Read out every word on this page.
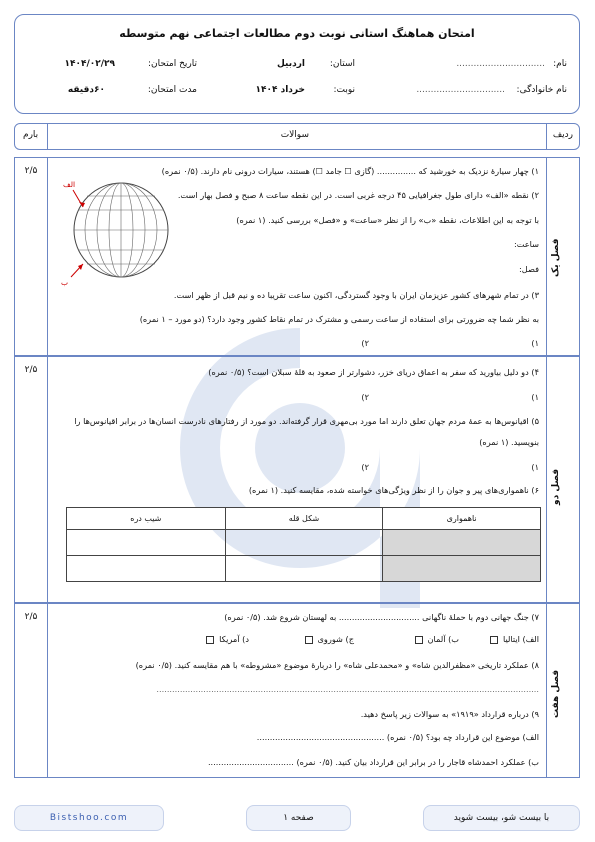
امتحان هماهنگ استانی نوبت دوم مطالعات اجتماعی نهم متوسطه
نام:
...............................
استان:
اردبیل
تاریخ امتحان:
۱۴۰۴/۰۲/۲۹
نام خانوادگی:
...............................
نوبت:
خرداد ۱۴۰۴
مدت امتحان:
۶۰دقیقه
ردیف
سوالات
بارم
فصل یک
۲/۵	۱) چهار سیارهٔ نزدیک به خورشید که ............... (گازی ☐ جامد ☐) هستند، سیارات درونی نام دارند. (۰/۵ نمره)
۲) نقطه «الف» دارای طول جغرافیایی ۴۵ درجه غربی است. در این نقطه ساعت ۸ صبح و فصل بهار است.
با توجه به این اطلاعات، نقطه «ب» را از نظر «ساعت» و «فصل» بررسی کنید. (۱ نمره)
ساعت:
فصل:
۳) در تمام شهرهای کشور عزیزمان ایران با وجود گستردگی، اکنون ساعت تقریبا ده و نیم قبل از ظهر است.
به نظر شما چه ضرورتی برای استفاده از ساعت رسمی و مشترک در تمام نقاط کشور وجود دارد؟ (دو مورد – ۱ نمره)
۱)
۲)
الف
ب
فصل دو
۲/۵	۴) دو دلیل بیاورید که سفر به اعماق دریای خزر، دشوارتر از صعود به قلهٔ سبلان است؟ (۰/۵ نمره)
۱)
۲)
۵) اقیانوس‌ها به عمهٔ مردم جهان تعلق دارند اما مورد بی‌مهری قرار گرفته‌اند. دو مورد از رفتارهای نادرست انسان‌ها در برابر اقیانوس‌ها را
بنویسید. (۱ نمره)
۱)
۲)
۶) ناهمواری‌های پیر و جوان را از نظر ویژگی‌های خواسته شده، مقایسه کنید. (۱ نمره)
ناهمواری	شکل قله	شیب دره

فصل هفت
۲/۵	۷) جنگ جهانی دوم با حملهٔ ناگهانی ............................... به لهستان شروع شد. (۰/۵ نمره)
الف) ایتالیا
ب) آلمان
ج) شوروی
د) آمریکا
۸) عملکرد تاریخی «مظفرالدین شاه» و «محمدعلی شاه» را دربارهٔ موضوع «مشروطه» با هم مقایسه کنید. (۰/۵ نمره)
...................................................................................................................................................
۹) درباره قرارداد «۱۹۱۹» به سوالات زیر پاسخ دهید.
الف) موضوع این قرارداد چه بود؟ (۰/۵ نمره) .................................................
ب) عملکرد احمدشاه قاجار را در برابر این قرارداد بیان کنید. (۰/۵ نمره) .................................
Bistshoo.com	صفحه ۱	با بیست شو، بیست شوید
